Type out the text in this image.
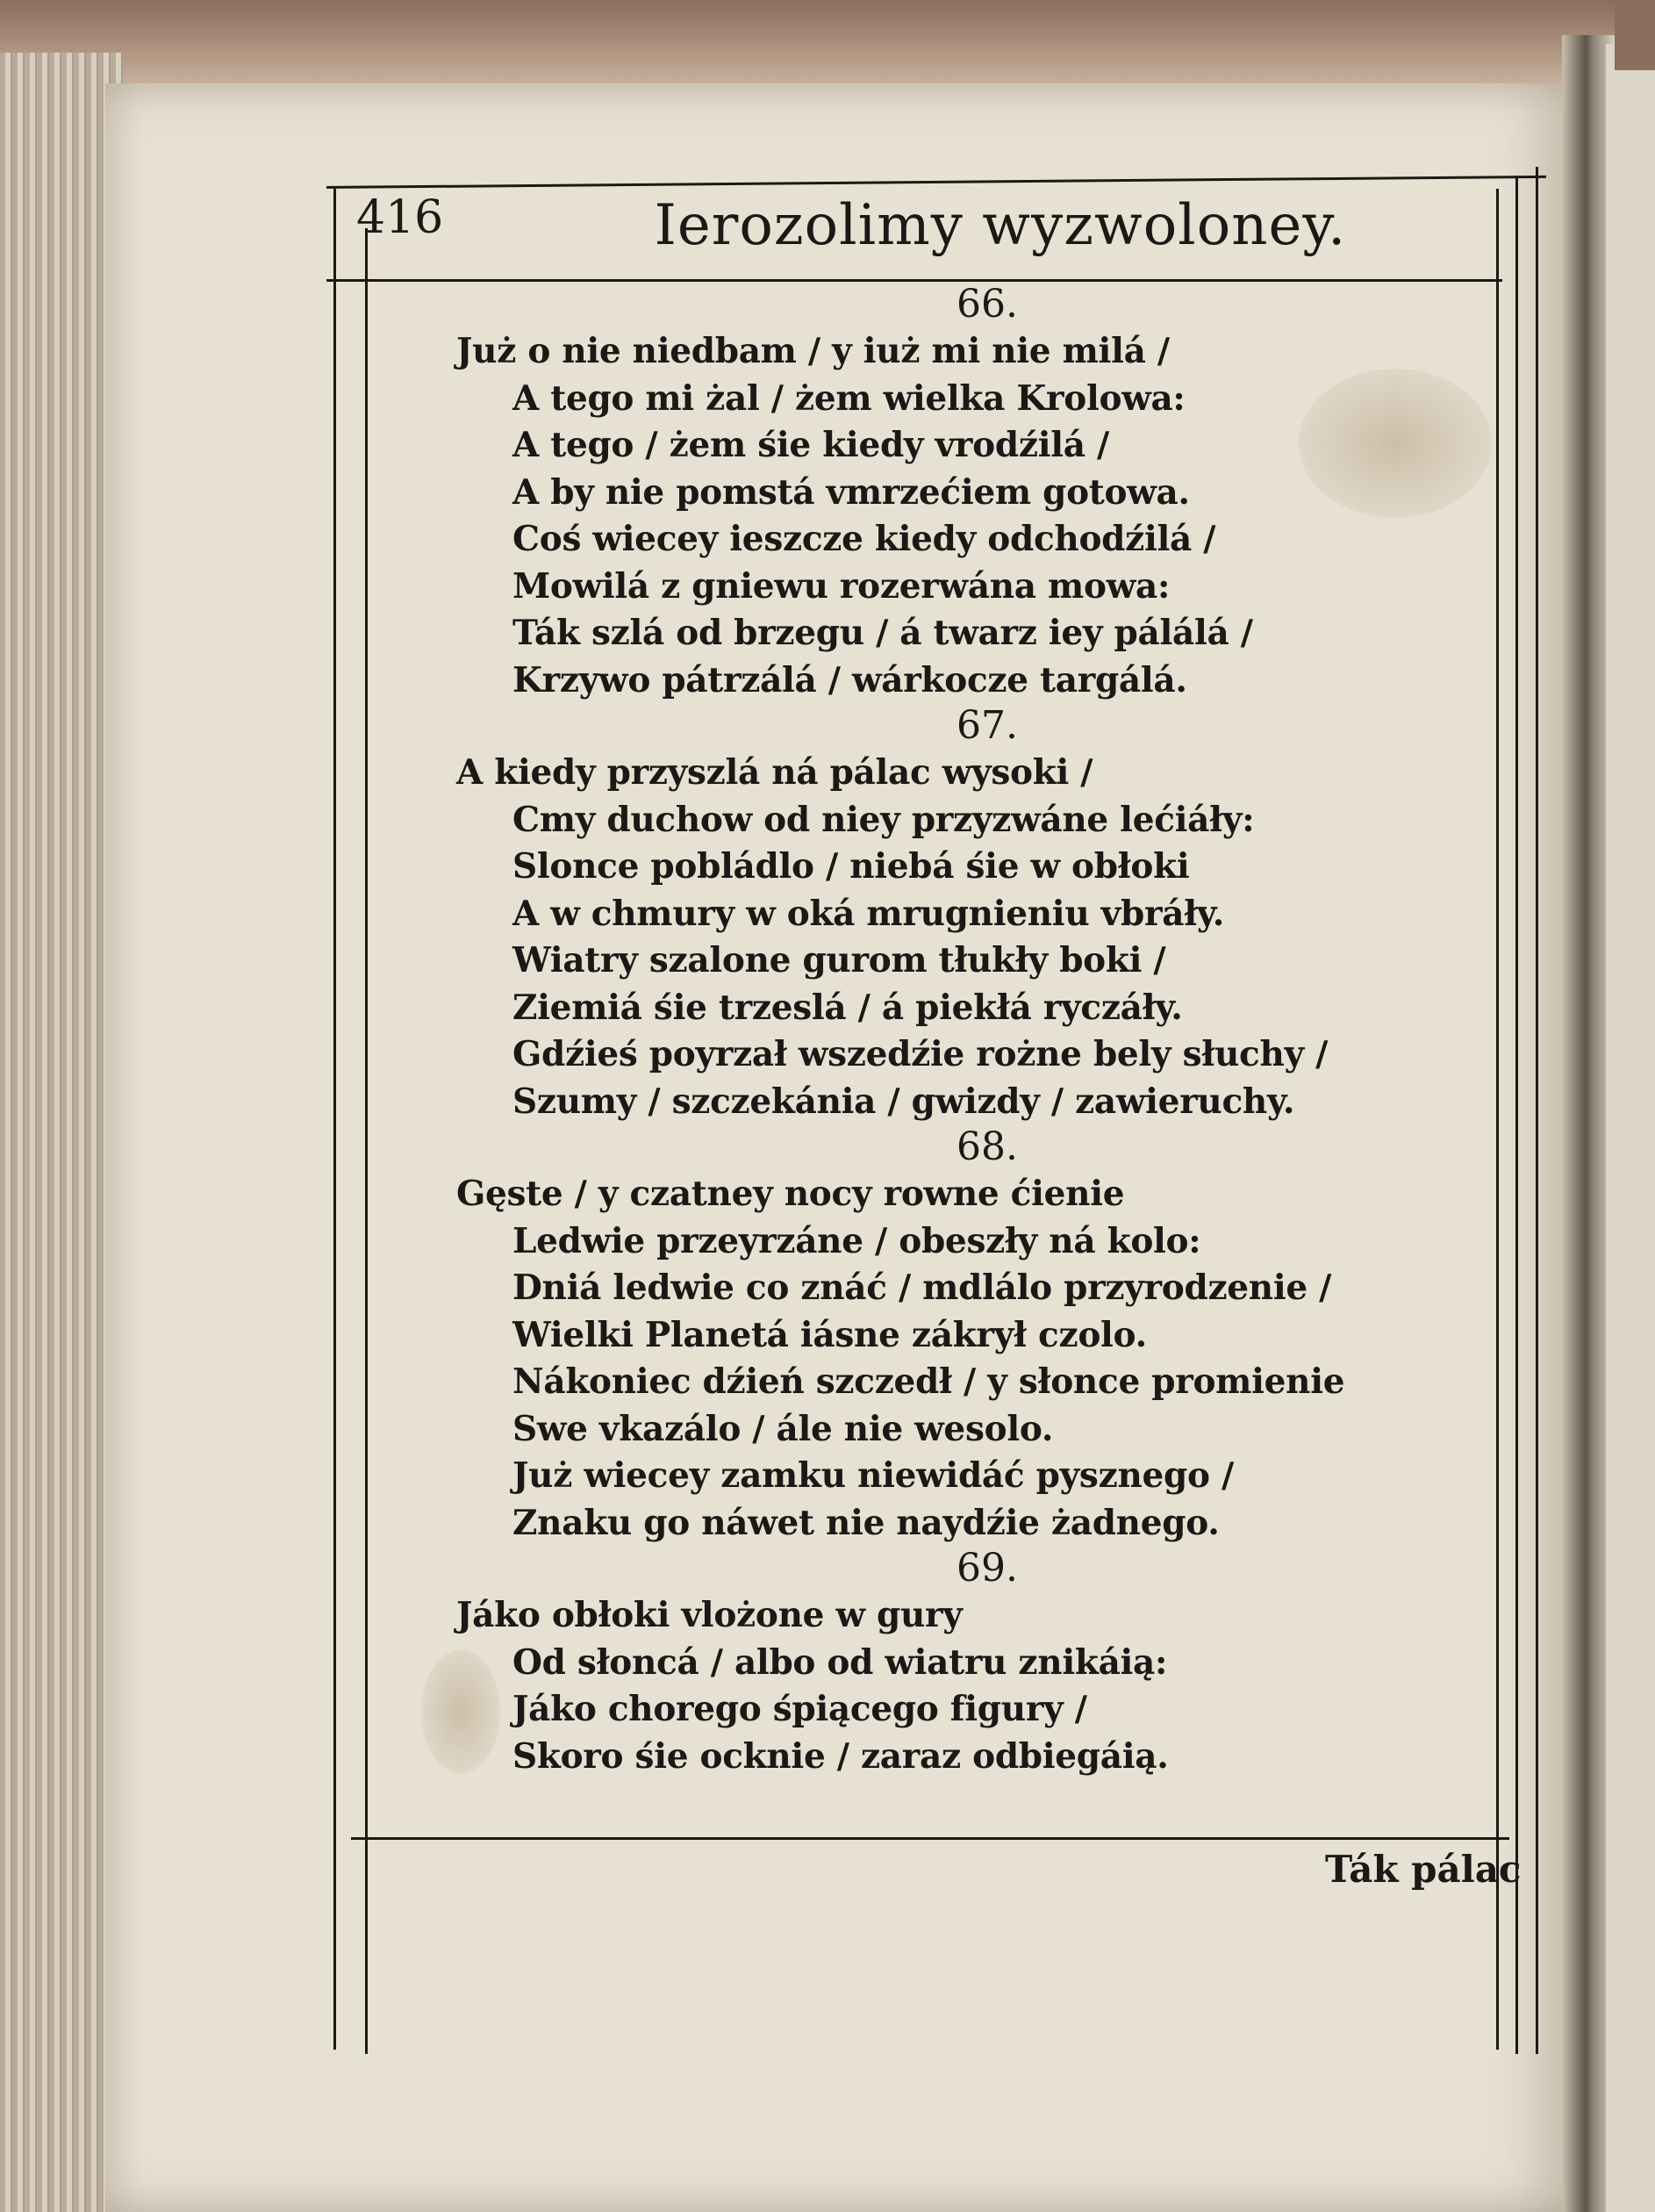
416	Ierozolimy wyzwoloney.
66.
Już o nie niedbam / y iuż mi nie milá /
A tego mi żal / żem wielka Krolowa:
A tego / żem śie kiedy vrodźilá /
A by nie pomstá vmrzećiem gotowa.
Coś wiecey ieszcze kiedy odchodźilá /
Mowilá z gniewu rozerwána mowa:
Ták szlá od brzegu / á twarz iey pálálá /
Krzywo pátrzálá / wárkocze targálá.
67.
A kiedy przyszlá ná pálac wysoki /
Cmy duchow od niey przyzwáne lećiáły:
Slonce pobládlo / niebá śie w obłoki
A w chmury w oká mrugnieniu vbráły.
Wiatry szalone gurom tłukły boki /
Ziemiá śie trzeslá / á piekłá ryczáły.
Gdźieś poyrzał wszedźie rożne bely słuchy /
Szumy / szczekánia / gwizdy / zawieruchy.
68.
Gęste / y czatney nocy rowne ćienie
Ledwie przeyrzáne / obeszły ná kolo:
Dniá ledwie co znáć / mdlálo przyrodzenie /
Wielki Planetá iásne zákrył czolo.
Nákoniec dźień szczedł / y słonce promienie
Swe vkazálo / ále nie wesolo.
Już wiecey zamku niewidáć pysznego /
Znaku go náwet nie naydźie żadnego.
69.
Jáko obłoki vlożone w gury
Od słoncá / albo od wiatru znikáią:
Jáko chorego śpiącego figury /
Skoro śie ocknie / zaraz odbiegáią.
Ták pálac
